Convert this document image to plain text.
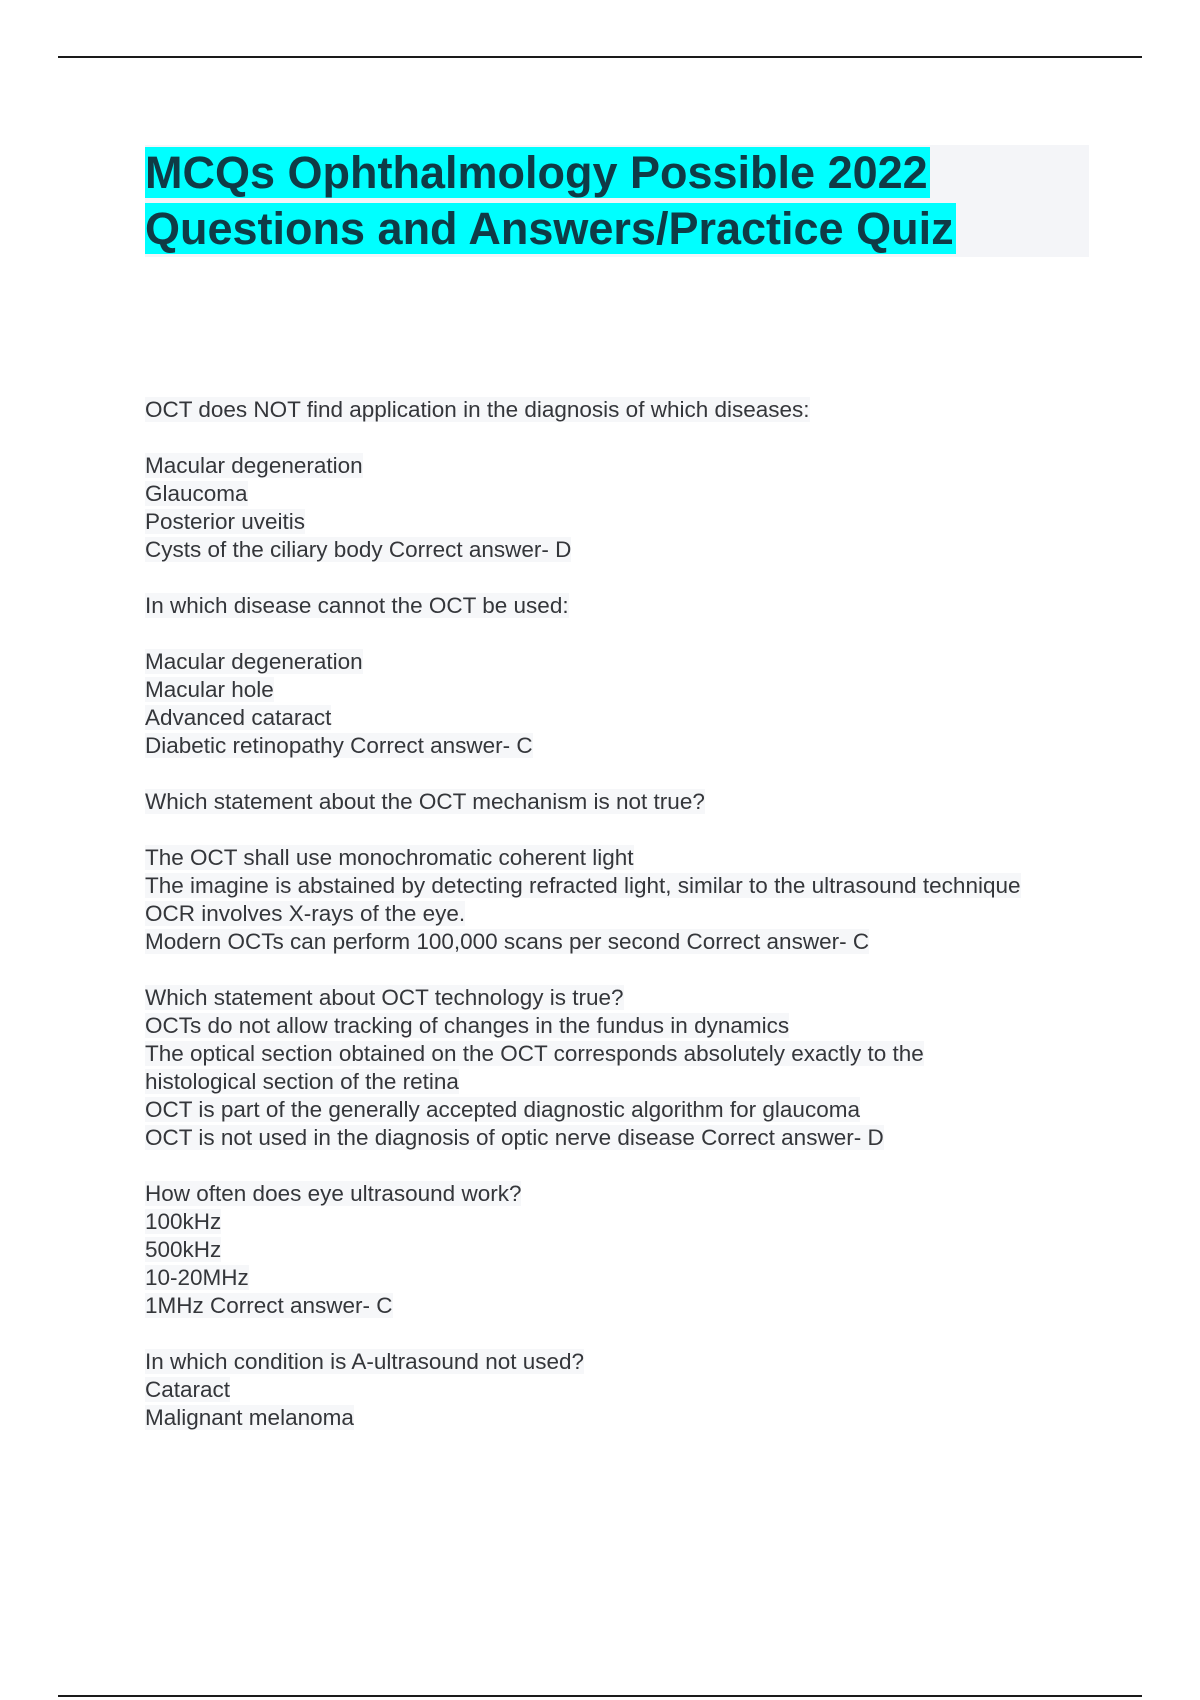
MCQs Ophthalmology Possible 2022
Questions and Answers/Practice Quiz
OCT does NOT find application in the diagnosis of which diseases:
Macular degeneration
Glaucoma
Posterior uveitis
Cysts of the ciliary body Correct answer- D
In which disease cannot the OCT be used:
Macular degeneration
Macular hole
Advanced cataract
Diabetic retinopathy Correct answer- C
Which statement about the OCT mechanism is not true?
The OCT shall use monochromatic coherent light
The imagine is abstained by detecting refracted light, similar to the ultrasound technique
OCR involves X-rays of the eye.
Modern OCTs can perform 100,000 scans per second Correct answer- C
Which statement about OCT technology is true?
OCTs do not allow tracking of changes in the fundus in dynamics
The optical section obtained on the OCT corresponds absolutely exactly to the
histological section of the retina
OCT is part of the generally accepted diagnostic algorithm for glaucoma
OCT is not used in the diagnosis of optic nerve disease Correct answer- D
How often does eye ultrasound work?
100kHz
500kHz
10-20MHz
1MHz Correct answer- C
In which condition is A-ultrasound not used?
Cataract
Malignant melanoma
